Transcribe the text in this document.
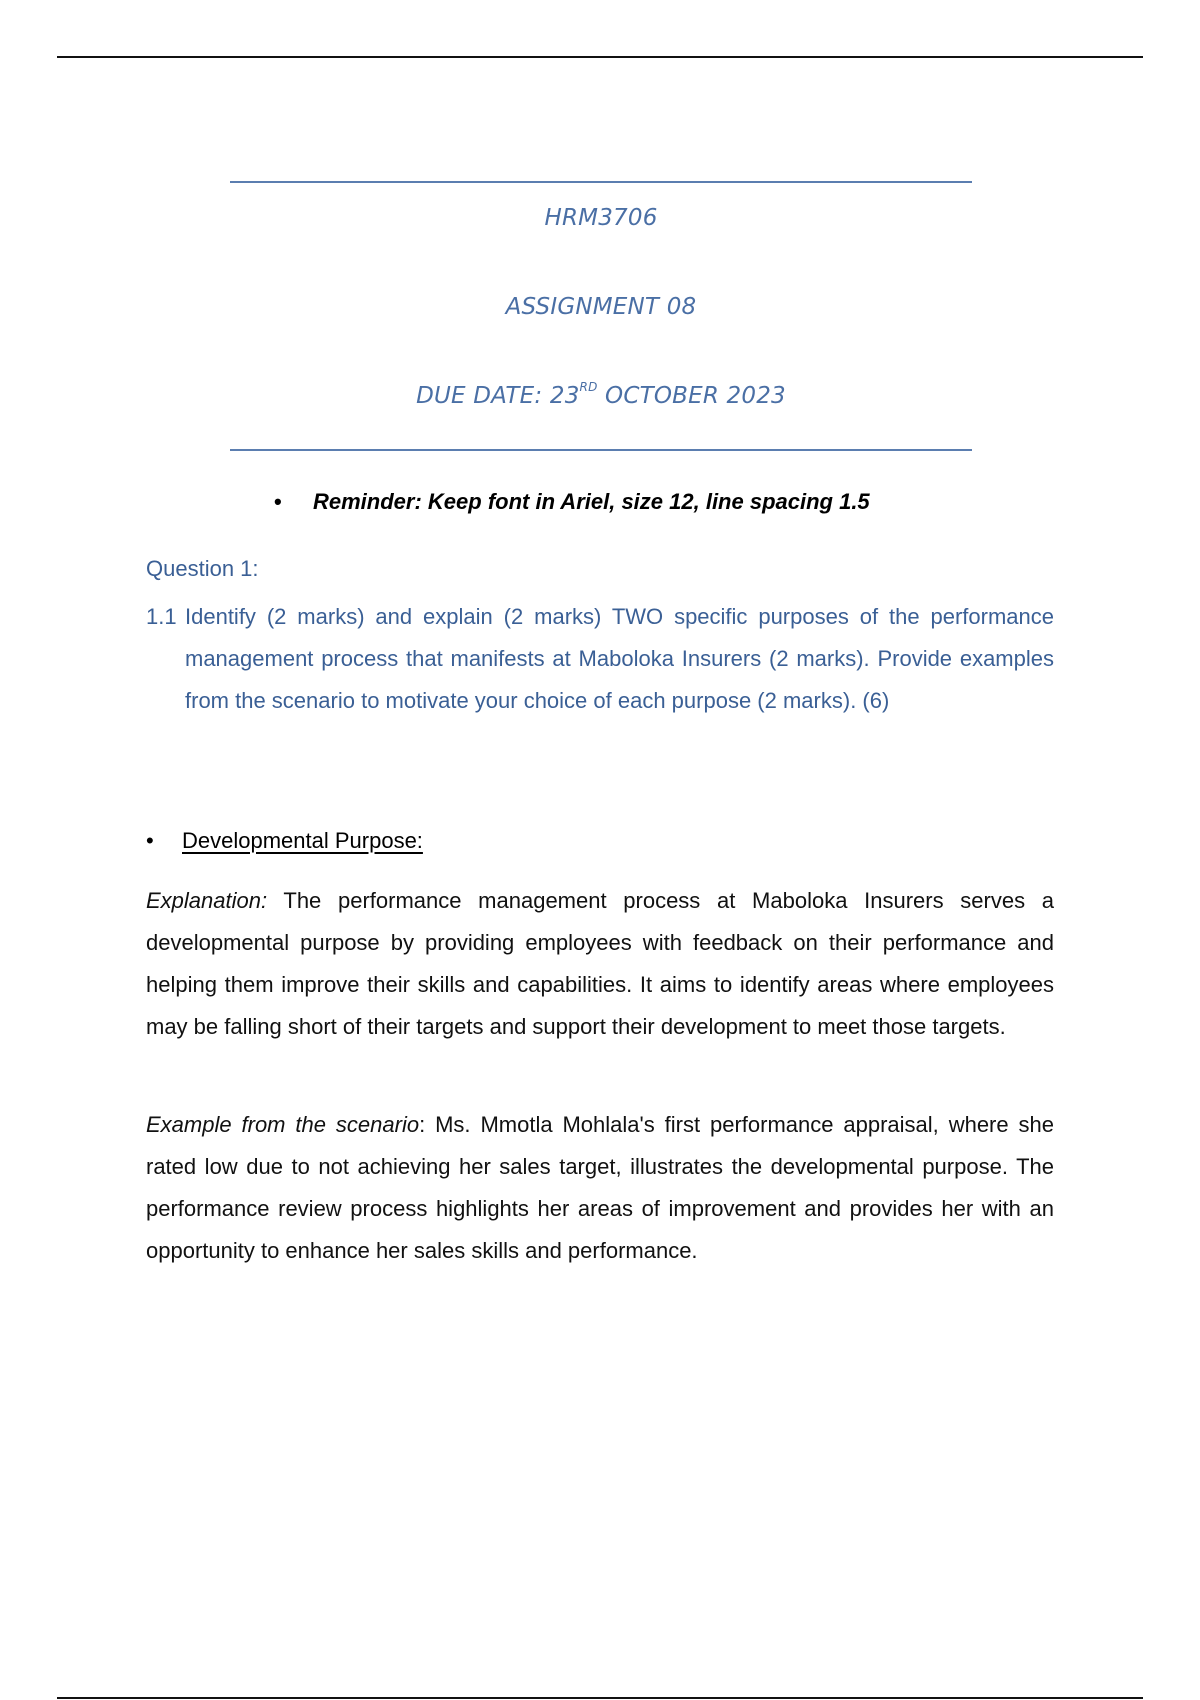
HRM3706
ASSIGNMENT 08
DUE DATE: 23RD OCTOBER 2023
• Reminder: Keep font in Ariel, size 12, line spacing 1.5
Question 1:
1.1 Identify (2 marks) and explain (2 marks) TWO specific purposes of the performance management process that manifests at Maboloka Insurers (2 marks). Provide examples from the scenario to motivate your choice of each purpose (2 marks). (6)
• Developmental Purpose:
Explanation: The performance management process at Maboloka Insurers serves a developmental purpose by providing employees with feedback on their performance and helping them improve their skills and capabilities. It aims to identify areas where employees may be falling short of their targets and support their development to meet those targets.
Example from the scenario: Ms. Mmotla Mohlala's first performance appraisal, where she rated low due to not achieving her sales target, illustrates the developmental purpose. The performance review process highlights her areas of improvement and provides her with an opportunity to enhance her sales skills and performance.
